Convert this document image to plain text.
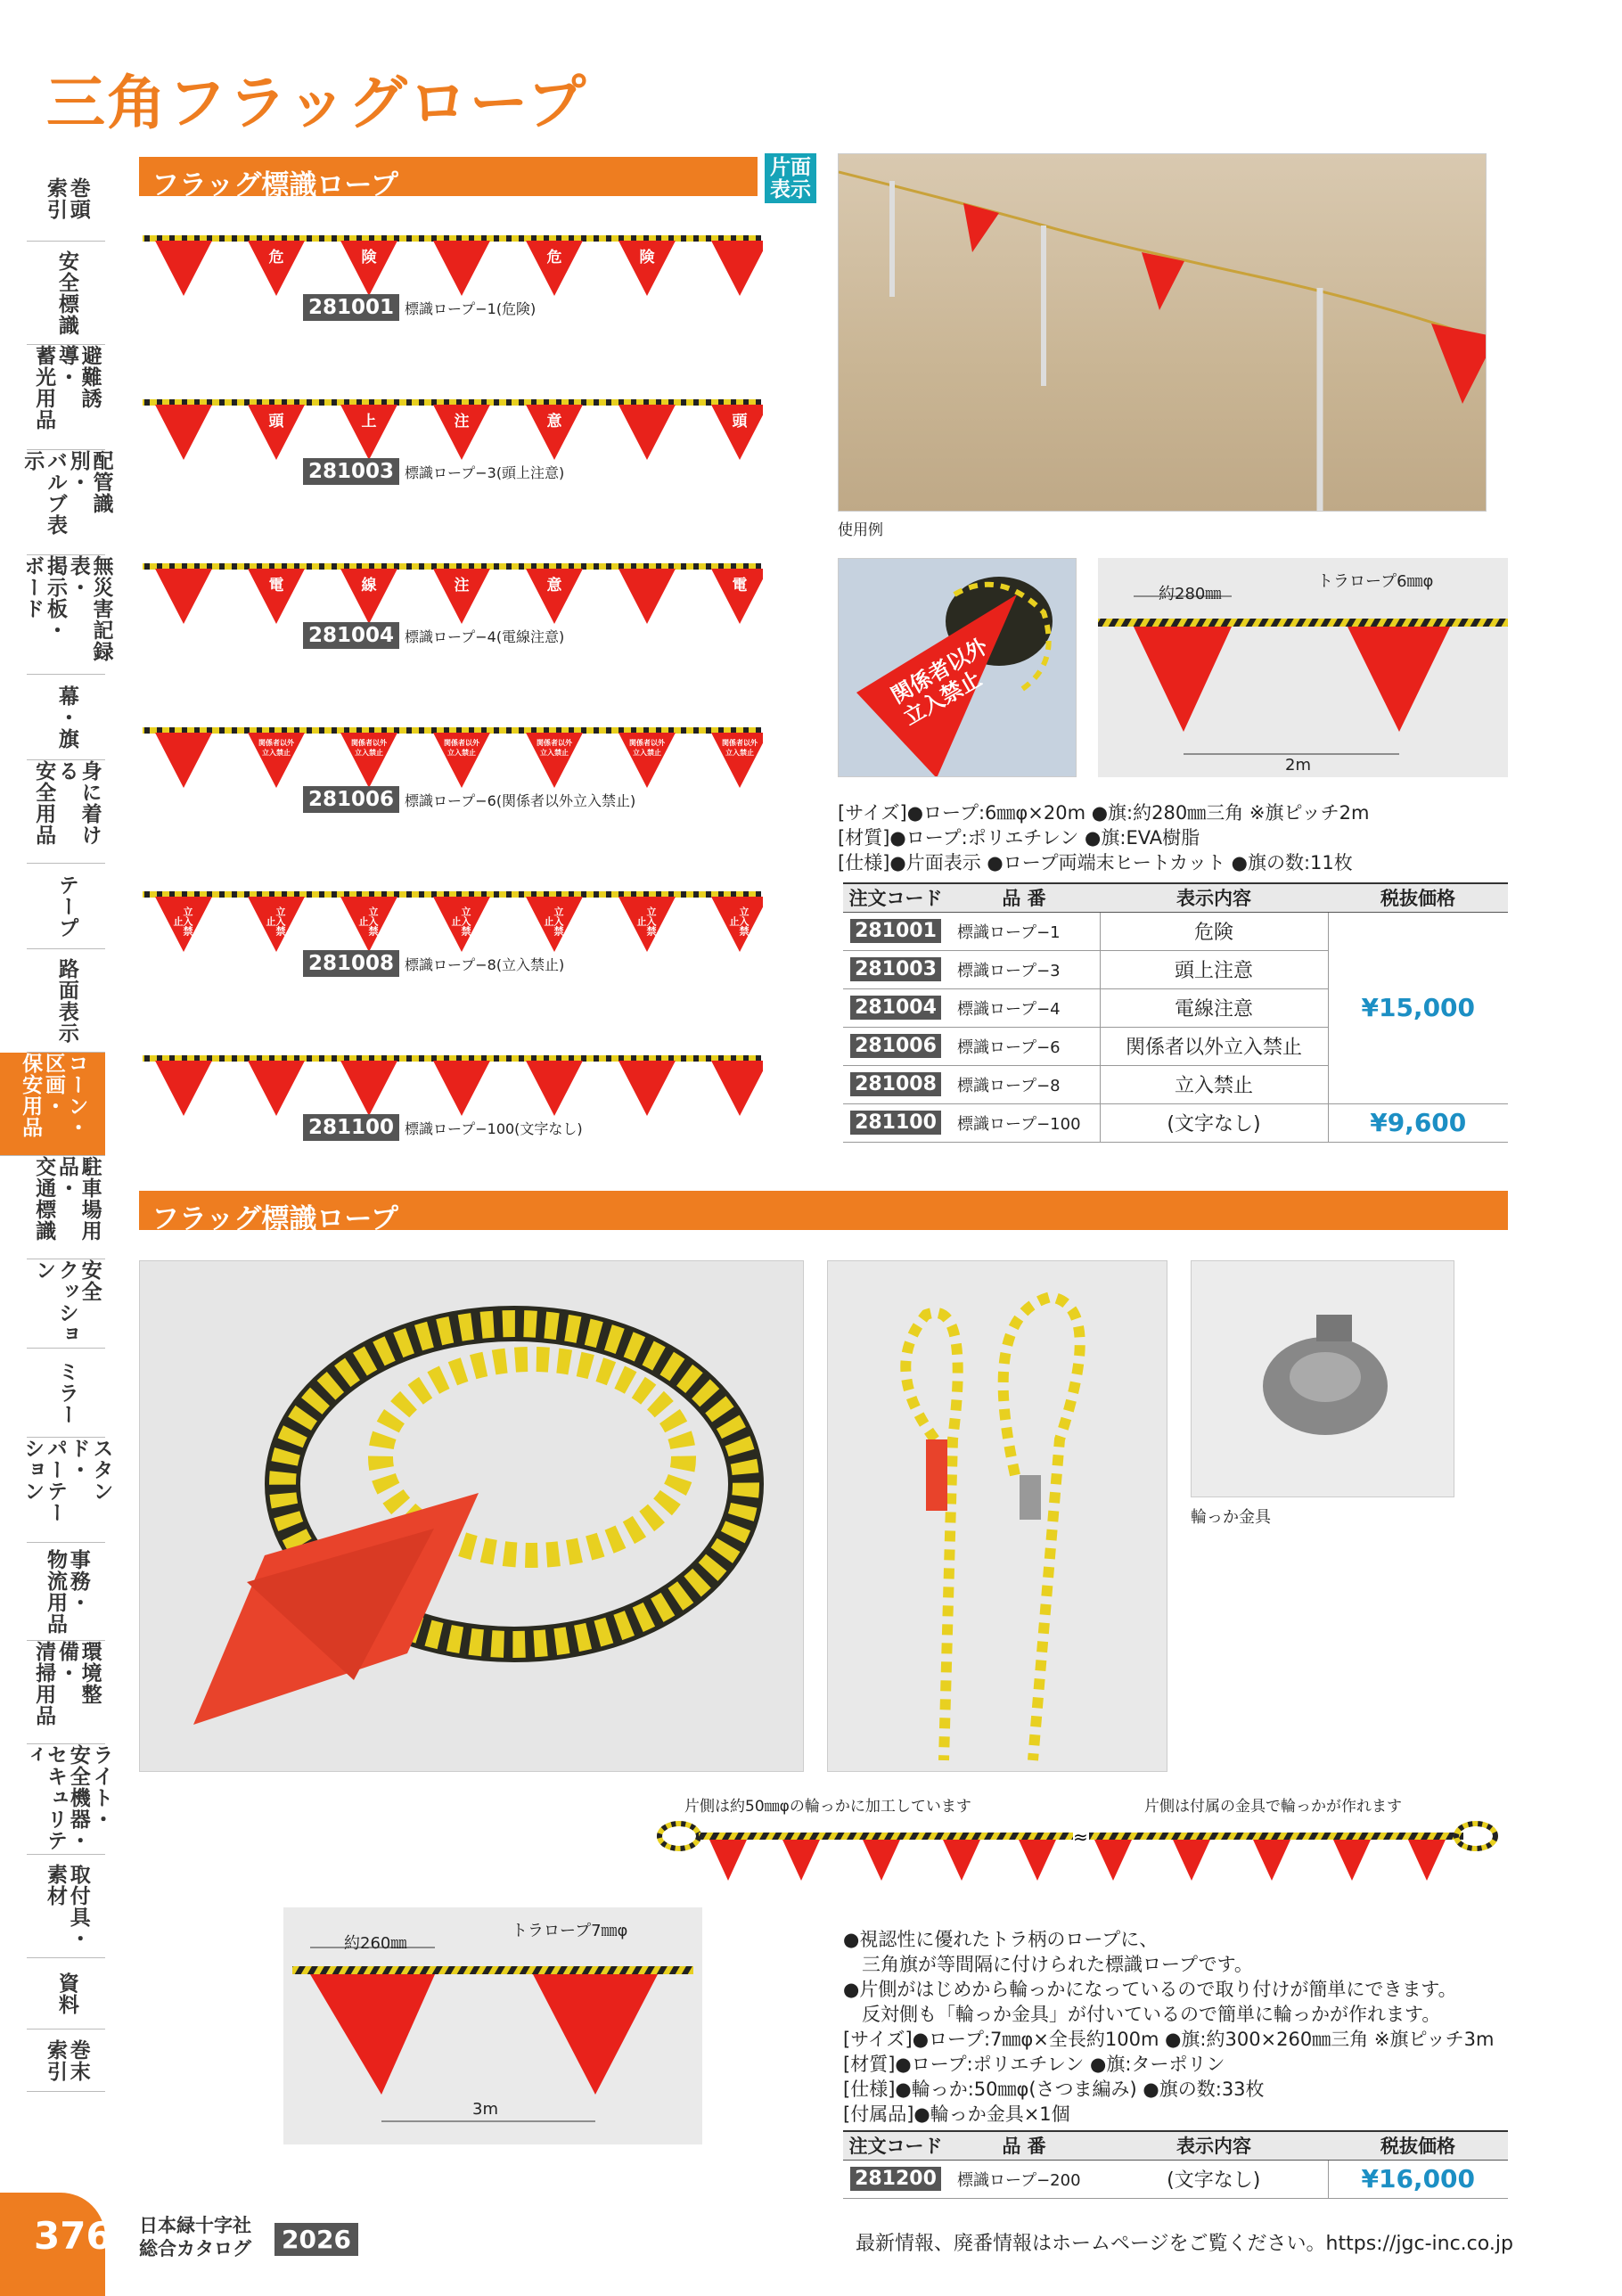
三角フラッグロープ
巻頭
索引
安全標識
避難誘導・
蓄光用品
配管識別・
バルブ表示
無災害記録表・
掲示板・
ボード
幕・旗
身に着ける
安全用品
テープ
路面表示
コーン・区画・
保安用品
駐車場用品・
交通標識
安全
クッション
ミラー
スタンド・
パーテーション
事務・
物流用品
環境整備・
清掃用品
ライト・
安全機器・
セキュリティ
取付具・
素材
資料
巻末
索引
フラッグ標識ロープ
片面
表示
危	険	危	険
281001 標識ロープ−1(危険)
頭	上	注	意	頭
281003 標識ロープ−3(頭上注意)
電	線	注	意	電
281004 標識ロープ−4(電線注意)
関係者以外
立入禁止
関係者以外
立入禁止
関係者以外
立入禁止
関係者以外
立入禁止
関係者以外
立入禁止
関係者以外
立入禁止
281006 標識ロープ−6(関係者以外立入禁止)
立入禁止	立入禁止	立入禁止	立入禁止	立入禁止	立入禁止	立入禁止
281008 標識ロープ−8(立入禁止)
281100 標識ロープ−100(文字なし)
使用例
関係者以外
立入禁止
約280㎜
トラロープ6㎜φ
2m
[サイズ]●ロープ:6㎜φ×20m ●旗:約280㎜三角 ※旗ピッチ2m
[材質]●ロープ:ポリエチレン ●旗:EVA樹脂
[仕様]●片面表示 ●ロープ両端末ヒートカット ●旗の数:11枚
注文コード	品 番	表示内容	税抜価格
281001	標識ロープ−1	危険	¥15,000
281003	標識ロープ−3	頭上注意	
281004	標識ロープ−4	電線注意	
281006	標識ロープ−6	関係者以外立入禁止	
281008	標識ロープ−8	立入禁止	
281100	標識ロープ−100	(文字なし)	¥9,600
フラッグ標識ロープ
輪っか金具
≈
片側は約50㎜φの輪っかに加工しています	片側は付属の金具で輪っかが作れます
約260㎜
トラロープ7㎜φ
3m
●視認性に優れたトラ柄のロープに、
　三角旗が等間隔に付けられた標識ロープです。
●片側がはじめから輪っかになっているので取り付けが簡単にできます。
　反対側も「輪っか金具」が付いているので簡単に輪っかが作れます。
[サイズ]●ロープ:7㎜φ×全長約100m ●旗:約300×260㎜三角 ※旗ピッチ3m
[材質]●ロープ:ポリエチレン ●旗:ターポリン
[仕様]●輪っか:50㎜φ(さつま編み) ●旗の数:33枚
[付属品]●輪っか金具×1個
注文コード	品 番	表示内容	税抜価格
281200	標識ロープ−200	(文字なし)	¥16,000
376 日本緑十字社
総合カタログ 2026	最新情報、廃番情報はホームページをご覧ください。https://jgc-inc.co.jp
